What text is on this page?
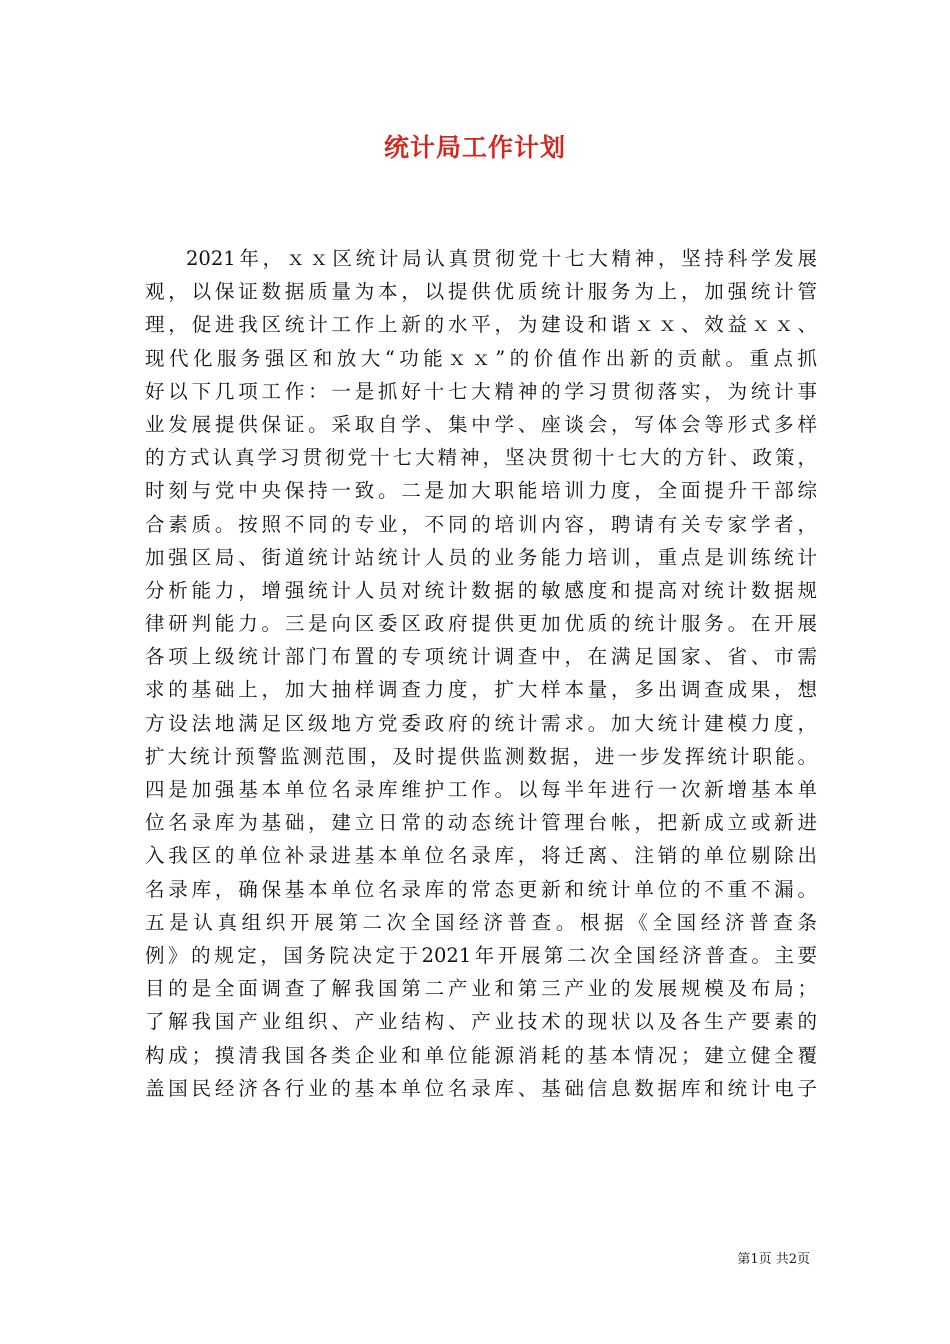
统计局工作计划
2021年，ｘｘ区统计局认真贯彻党十七大精神，坚持科学发展
观，以保证数据质量为本，以提供优质统计服务为上，加强统计管
理，促进我区统计工作上新的水平，为建设和谐ｘｘ、效益ｘｘ、
现代化服务强区和放大“功能ｘｘ”的价值作出新的贡献。重点抓
好以下几项工作：一是抓好十七大精神的学习贯彻落实，为统计事
业发展提供保证。采取自学、集中学、座谈会，写体会等形式多样
的方式认真学习贯彻党十七大精神，坚决贯彻十七大的方针、政策，
时刻与党中央保持一致。二是加大职能培训力度，全面提升干部综
合素质。按照不同的专业，不同的培训内容，聘请有关专家学者，
加强区局、街道统计站统计人员的业务能力培训，重点是训练统计
分析能力，增强统计人员对统计数据的敏感度和提高对统计数据规
律研判能力。三是向区委区政府提供更加优质的统计服务。在开展
各项上级统计部门布置的专项统计调查中，在满足国家、省、市需
求的基础上，加大抽样调查力度，扩大样本量，多出调查成果，想
方设法地满足区级地方党委政府的统计需求。加大统计建模力度，
扩大统计预警监测范围，及时提供监测数据，进一步发挥统计职能。
四是加强基本单位名录库维护工作。以每半年进行一次新增基本单
位名录库为基础，建立日常的动态统计管理台帐，把新成立或新进
入我区的单位补录进基本单位名录库，将迁离、注销的单位剔除出
名录库，确保基本单位名录库的常态更新和统计单位的不重不漏。
五是认真组织开展第二次全国经济普查。根据《全国经济普查条
例》的规定，国务院决定于2021年开展第二次全国经济普查。主要
目的是全面调查了解我国第二产业和第三产业的发展规模及布局；
了解我国产业组织、产业结构、产业技术的现状以及各生产要素的
构成；摸清我国各类企业和单位能源消耗的基本情况；建立健全覆
盖国民经济各行业的基本单位名录库、基础信息数据库和统计电子
第1页 共2页
